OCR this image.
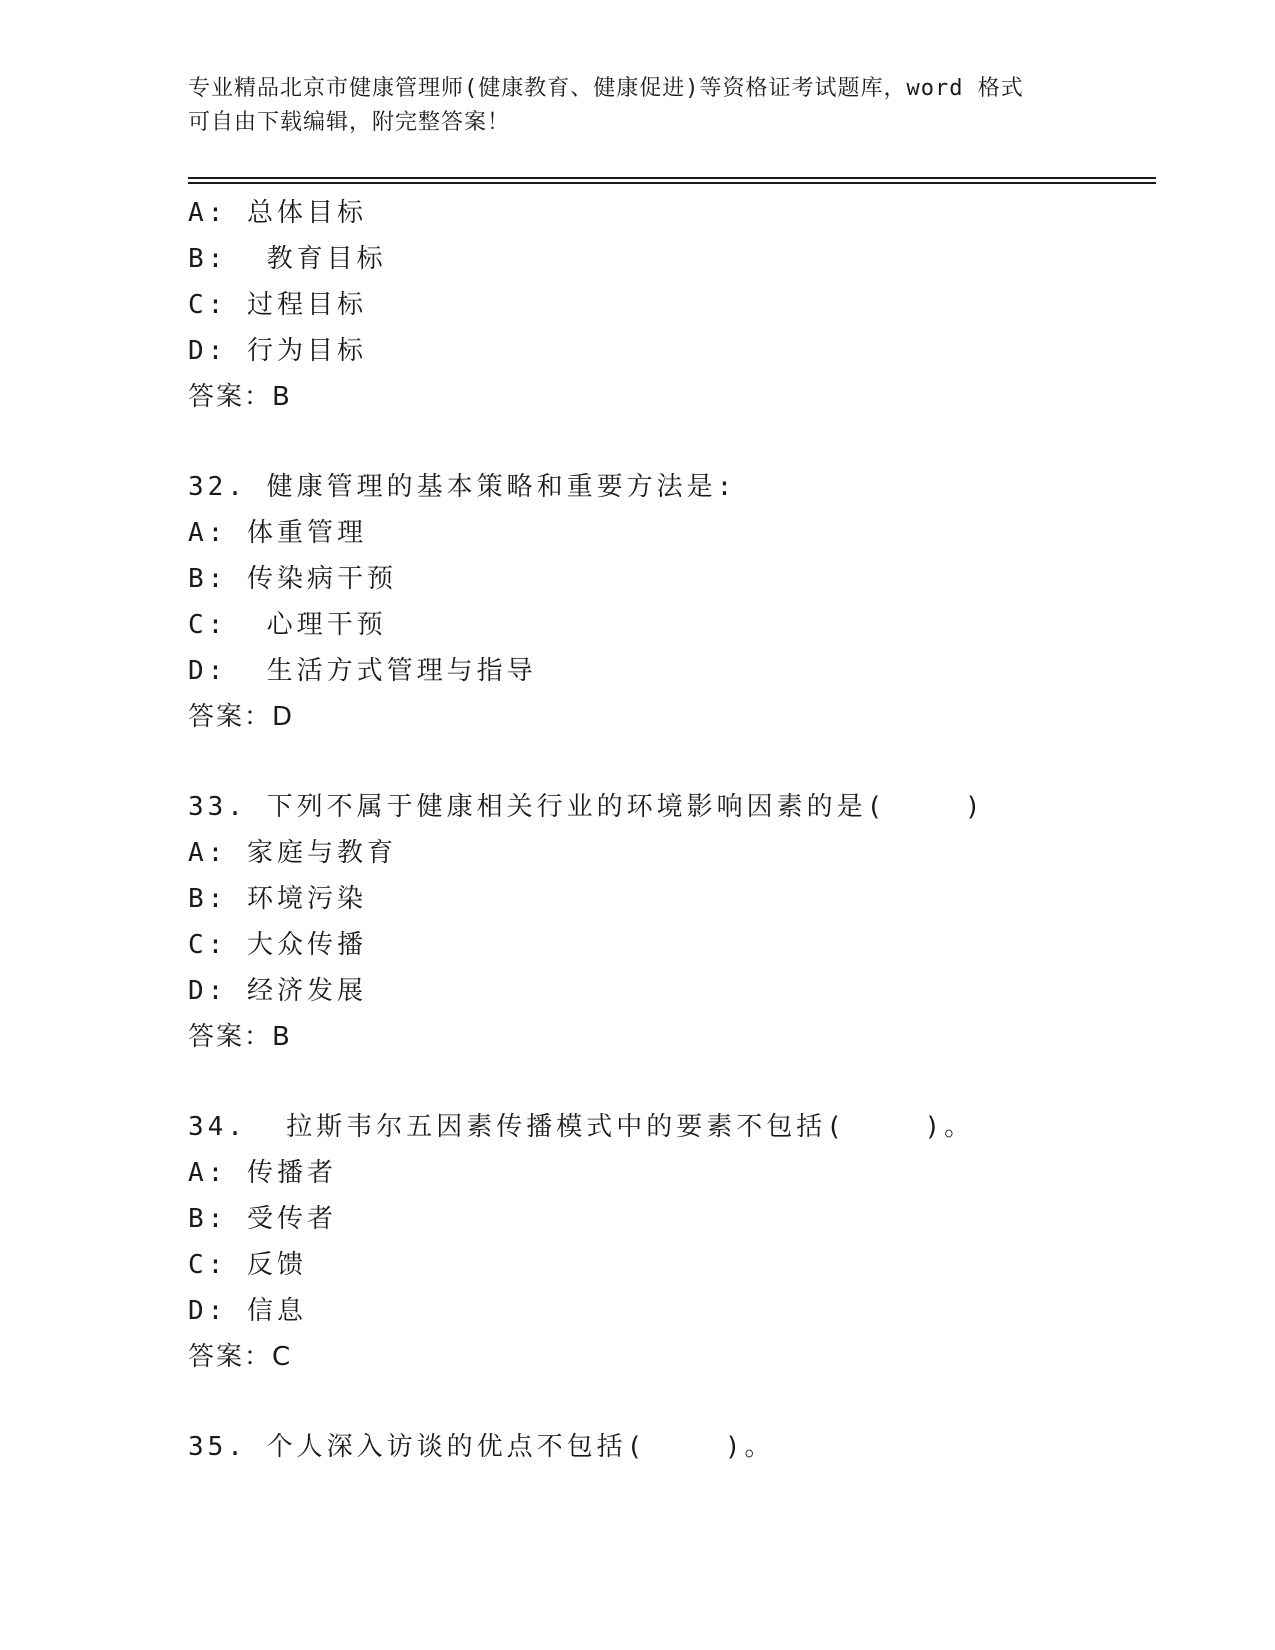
专业精品北京市健康管理师(健康教育、健康促进)等资格证考试题库，word 格式
可自由下载编辑，附完整答案！
A: 总体目标
B:  教育目标
C: 过程目标
D: 行为目标
答案：B
32. 健康管理的基本策略和重要方法是:
A: 体重管理
B: 传染病干预
C:  心理干预
D:  生活方式管理与指导
答案：D
33. 下列不属于健康相关行业的环境影响因素的是(    )
A: 家庭与教育
B: 环境污染
C: 大众传播
D: 经济发展
答案：B
34.  拉斯韦尔五因素传播模式中的要素不包括(    )。
A: 传播者
B: 受传者
C: 反馈
D: 信息
答案：C
35. 个人深入访谈的优点不包括(    )。
